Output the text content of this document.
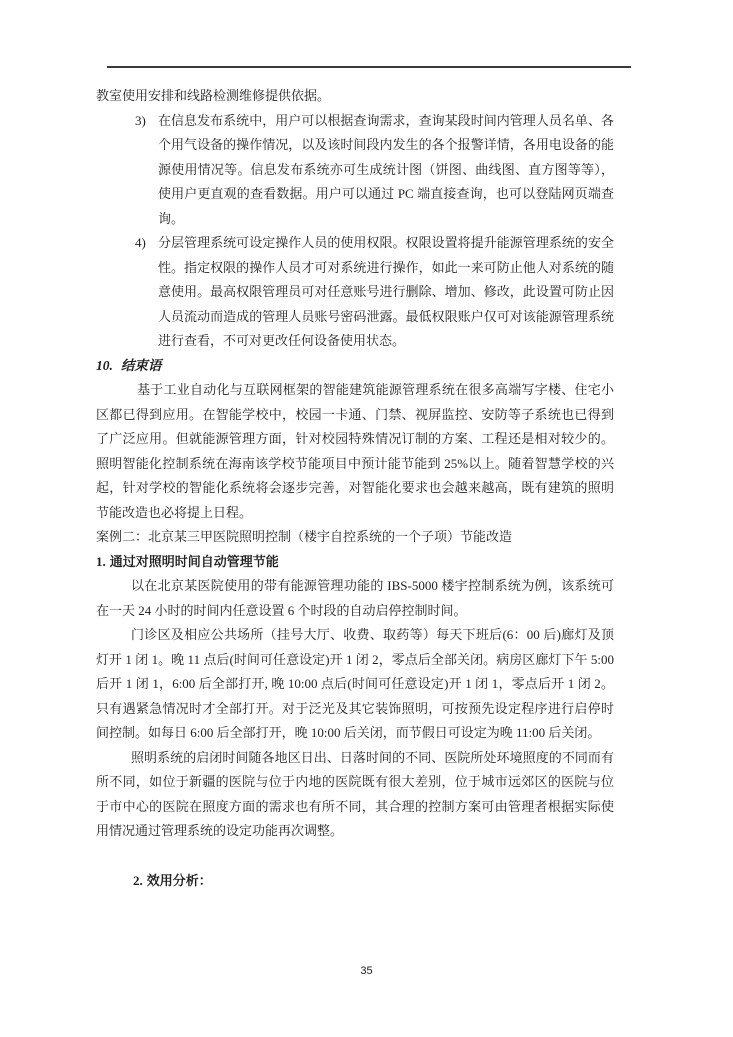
教室使用安排和线路检测维修提供依据。

3) 在信息发布系统中，用户可以根据查询需求，查询某段时间内管理人员名单、各个用气设备的操作情况，以及该时间段内发生的各个报警详情，各用电设备的能源使用情况等。信息发布系统亦可生成统计图（饼图、曲线图、直方图等等），使用户更直观的查看数据。用户可以通过 PC 端直接查询，也可以登陆网页端查询。

4) 分层管理系统可设定操作人员的使用权限。权限设置将提升能源管理系统的安全性。指定权限的操作人员才可对系统进行操作，如此一来可防止他人对系统的随意使用。最高权限管理员可对任意账号进行删除、增加、修改，此设置可防止因人员流动而造成的管理人员账号密码泄露。最低权限账户仅可对该能源管理系统进行查看，不可对更改任何设备使用状态。

10. 结束语

基于工业自动化与互联网框架的智能建筑能源管理系统在很多高端写字楼、住宅小区都已得到应用。在智能学校中，校园一卡通、门禁、视屏监控、安防等子系统也已得到了广泛应用。但就能源管理方面，针对校园特殊情况订制的方案、工程还是相对较少的。照明智能化控制系统在海南该学校节能项目中预计能节能到 25%以上。随着智慧学校的兴起，针对学校的智能化系统将会逐步完善，对智能化要求也会越来越高，既有建筑的照明节能改造也必将提上日程。

案例二：北京某三甲医院照明控制（楼宇自控系统的一个子项）节能改造

1. 通过对照明时间自动管理节能

以在北京某医院使用的带有能源管理功能的 IBS-5000 楼宇控制系统为例，该系统可在一天 24 小时的时间内任意设置 6 个时段的自动启停控制时间。

门诊区及相应公共场所（挂号大厅、收费、取药等）每天下班后(6：00 后)廊灯及顶灯开 1 闭 1。晚 11 点后(时间可任意设定)开 1 闭 2，零点后全部关闭。病房区廊灯下午 5:00 后开 1 闭 1，6:00 后全部打开, 晚 10:00 点后(时间可任意设定)开 1 闭 1，零点后开 1 闭 2。只有遇紧急情况时才全部打开。对于泛光及其它装饰照明，可按预先设定程序进行启停时间控制。如每日 6:00 后全部打开，晚 10:00 后关闭，而节假日可设定为晚 11:00 后关闭。

照明系统的启闭时间随各地区日出、日落时间的不同、医院所处环境照度的不同而有所不同，如位于新疆的医院与位于内地的医院既有很大差别，位于城市远郊区的医院与位于市中心的医院在照度方面的需求也有所不同，其合理的控制方案可由管理者根据实际使用情况通过管理系统的设定功能再次调整。

2. 效用分析：

35
